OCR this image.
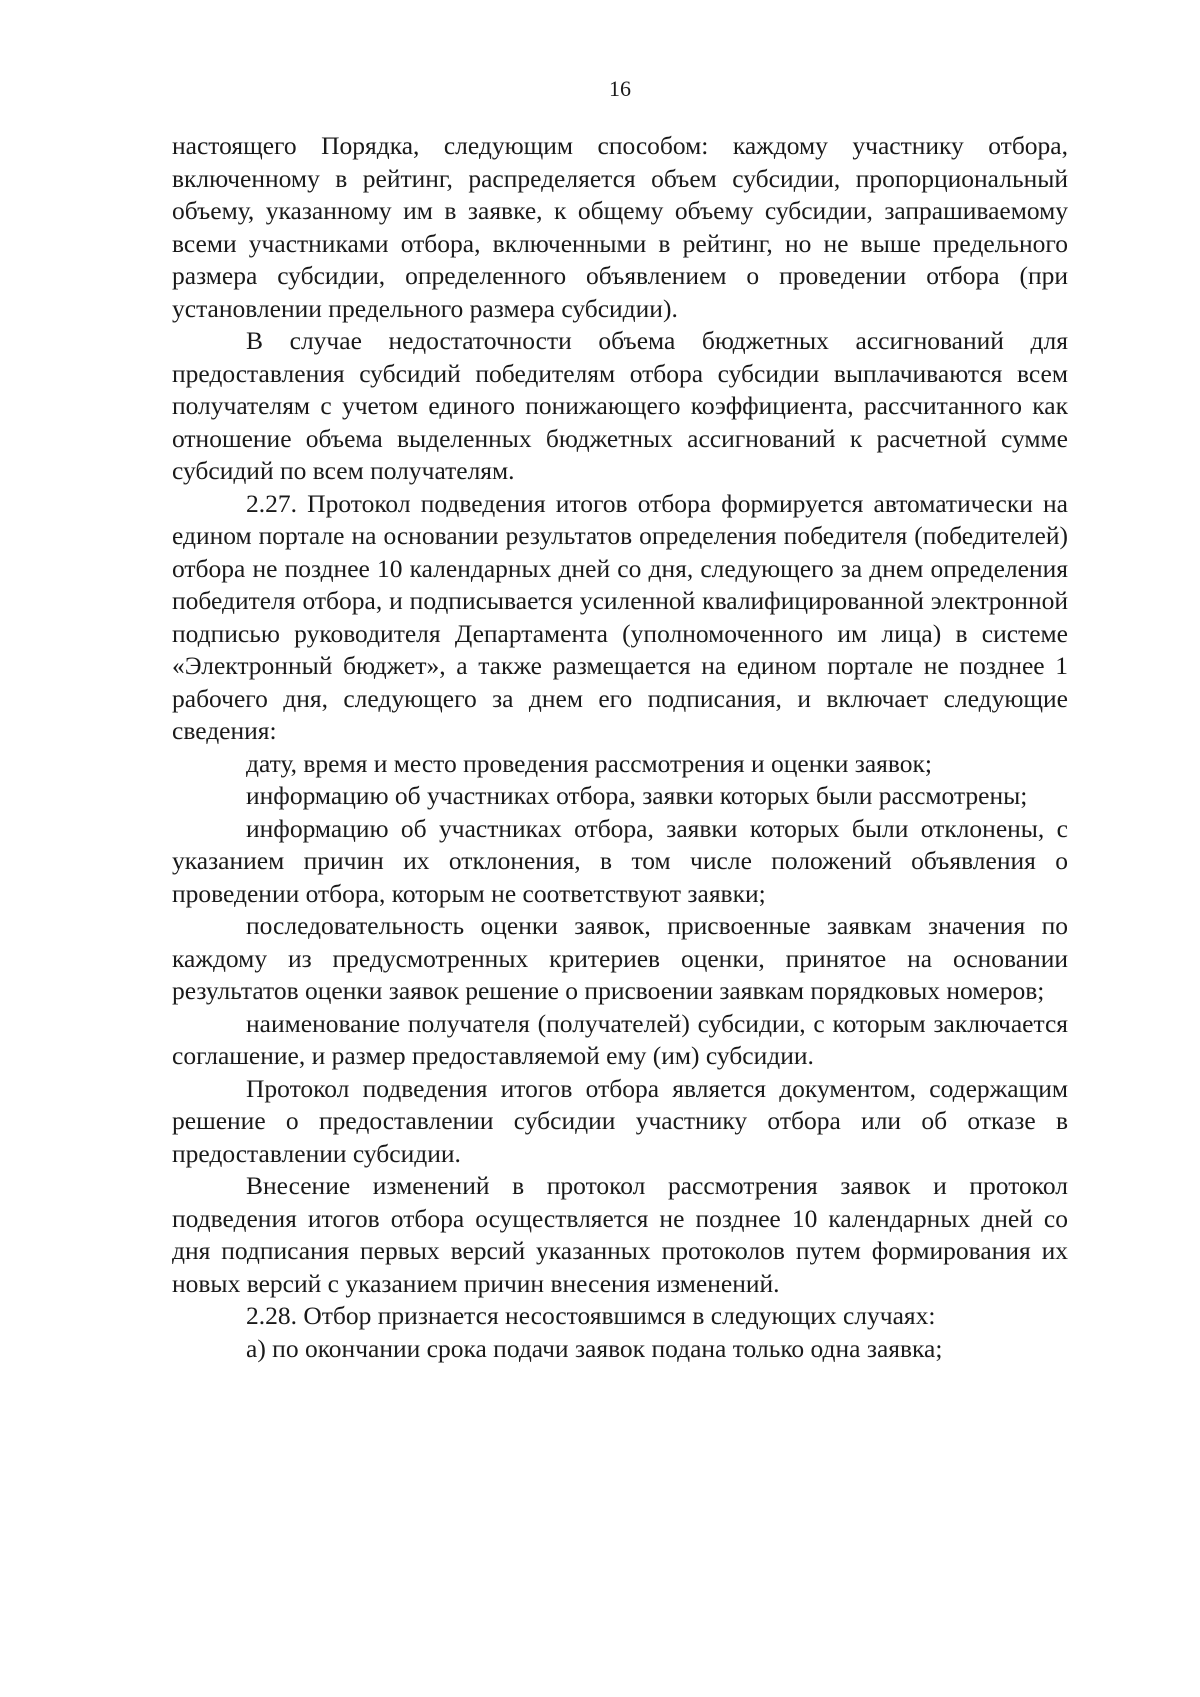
16

настоящего Порядка, следующим способом: каждому участнику отбора, включенному в рейтинг, распределяется объем субсидии, пропорциональный объему, указанному им в заявке, к общему объему субсидии, запрашиваемому всеми участниками отбора, включенными в рейтинг, но не выше предельного размера субсидии, определенного объявлением о проведении отбора (при установлении предельного размера субсидии).

В случае недостаточности объема бюджетных ассигнований для предоставления субсидий победителям отбора субсидии выплачиваются всем получателям с учетом единого понижающего коэффициента, рассчитанного как отношение объема выделенных бюджетных ассигнований к расчетной сумме субсидий по всем получателям.

2.27. Протокол подведения итогов отбора формируется автоматически на едином портале на основании результатов определения победителя (победителей) отбора не позднее 10 календарных дней со дня, следующего за днем определения победителя отбора, и подписывается усиленной квалифицированной электронной подписью руководителя Департамента (уполномоченного им лица) в системе «Электронный бюджет», а также размещается на едином портале не позднее 1 рабочего дня, следующего за днем его подписания, и включает следующие сведения:

дату, время и место проведения рассмотрения и оценки заявок;

информацию об участниках отбора, заявки которых были рассмотрены;

информацию об участниках отбора, заявки которых были отклонены, с указанием причин их отклонения, в том числе положений объявления о проведении отбора, которым не соответствуют заявки;

последовательность оценки заявок, присвоенные заявкам значения по каждому из предусмотренных критериев оценки, принятое на основании результатов оценки заявок решение о присвоении заявкам порядковых номеров;

наименование получателя (получателей) субсидии, с которым заключается соглашение, и размер предоставляемой ему (им) субсидии.

Протокол подведения итогов отбора является документом, содержащим решение о предоставлении субсидии участнику отбора или об отказе в предоставлении субсидии.

Внесение изменений в протокол рассмотрения заявок и протокол подведения итогов отбора осуществляется не позднее 10 календарных дней со дня подписания первых версий указанных протоколов путем формирования их новых версий с указанием причин внесения изменений.

2.28. Отбор признается несостоявшимся в следующих случаях:

а) по окончании срока подачи заявок подана только одна заявка;
